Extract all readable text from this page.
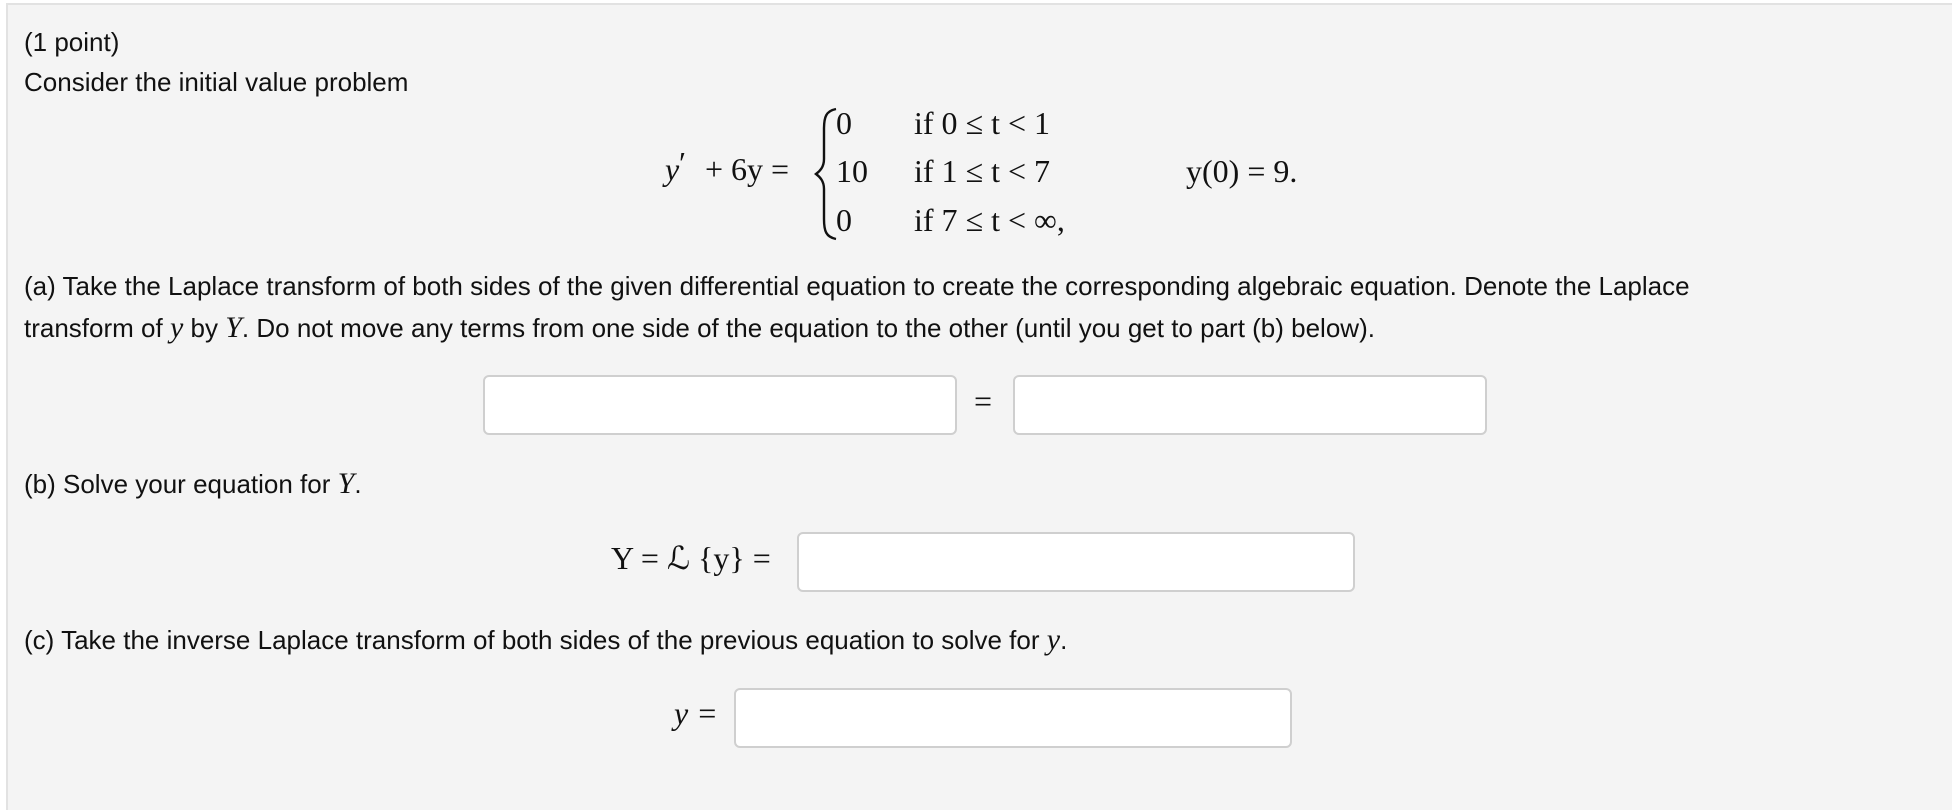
(1 point)
Consider the initial value problem
y ′ + 6y =
0
10
0
if 0 ≤ t < 1
if 1 ≤ t < 7
if 7 ≤ t < ∞,
y(0) = 9.
(a) Take the Laplace transform of both sides of the given differential equation to create the corresponding algebraic equation. Denote the Laplace
transform of y by Y. Do not move any terms from one side of the equation to the other (until you get to part (b) below).
=
(b) Solve your equation for Y.
Y = ℒ {y} =
(c) Take the inverse Laplace transform of both sides of the previous equation to solve for y.
y =
